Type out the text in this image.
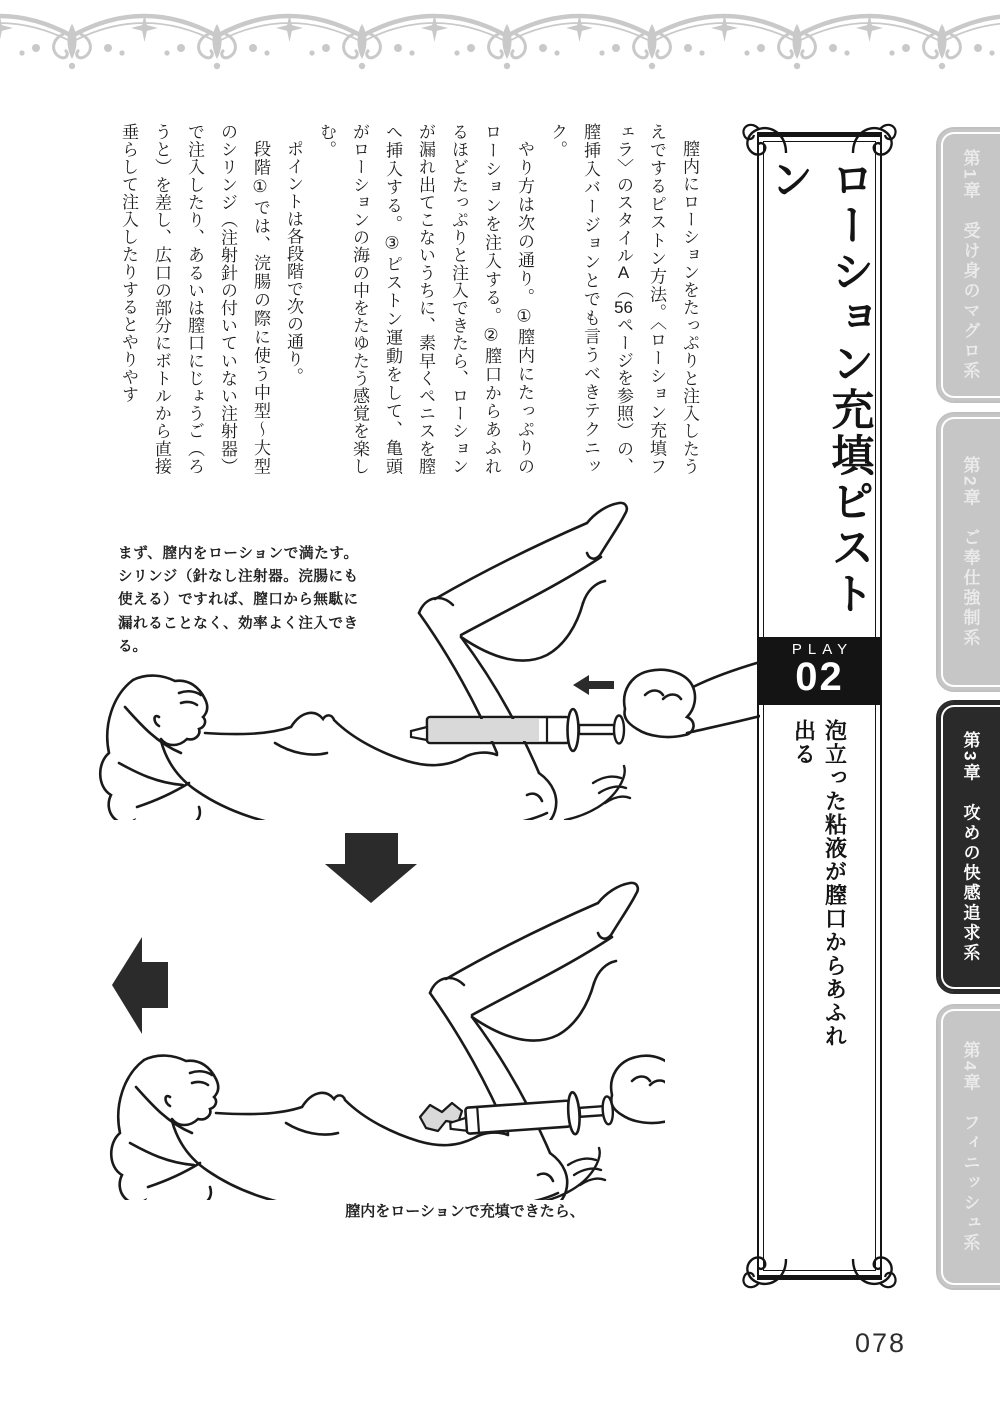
第1章　受け身のマグロ系
第2章　ご奉仕強制系
第3章　攻めの快感追求系
第4章　フィニッシュ系
ローション充填ピストン
PLAY
02
泡立った粘液が膣口からあふれ出る

膣内にローションをたっぷりと注入したうえでするピストン方法。〈ローション充填フェラ〉のスタイルA（56ページを参照）の、膣挿入バージョンとでも言うべきテクニック。

やり方は次の通り。①膣内にたっぷりのローションを注入する。②膣口からあふれるほどたっぷりと注入できたら、ローションが漏れ出てこないうちに、素早くペニスを膣へ挿入する。③ピストン運動をして、亀頭がローションの海の中をたゆたう感覚を楽しむ。

ポイントは各段階で次の通り。

段階①では、浣腸の際に使う中型〜大型のシリンジ（注射針の付いていない注射器）で注入したり、あるいは膣口にじょうご（ろうと）を差し、広口の部分にボトルから直接垂らして注入したりするとやりやす

まず、膣内をローションで満たす。シリンジ（針なし注射器。浣腸にも使える）ですれば、膣口から無駄に漏れることなく、効率よく注入できる。
膣内をローションで充填できたら、
078
